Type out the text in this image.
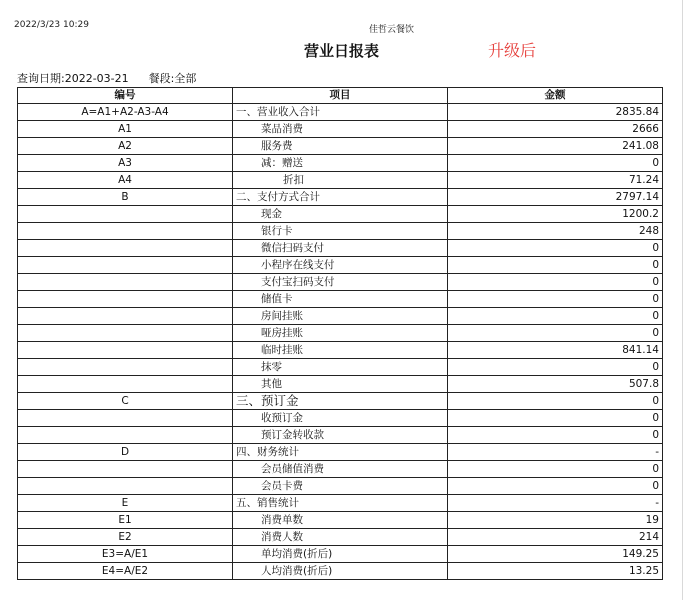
2022/3/23 10:29	佳哲云餐饮
营业日报表	升级后
查询日期:2022-03-21 餐段:全部
编号	项目	金额
A=A1+A2-A3-A4	一、营业收入合计	2835.84
A1	菜品消费	2666
A2	服务费	241.08
A3	减：赠送	0
A4	折扣	71.24
B	二、支付方式合计	2797.14
	现金	1200.2
	银行卡	248
	微信扫码支付	0
	小程序在线支付	0
	支付宝扫码支付	0
	储值卡	0
	房间挂账	0
	哑房挂账	0
	临时挂账	841.14
	抹零	0
	其他	507.8
C	三、预订金	0
	收预订金	0
	预订金转收款	0
D	四、财务统计	-
	会员储值消费	0
	会员卡费	0
E	五、销售统计	-
E1	消费单数	19
E2	消费人数	214
E3=A/E1	单均消费(折后)	149.25
E4=A/E2	人均消费(折后)	13.25
